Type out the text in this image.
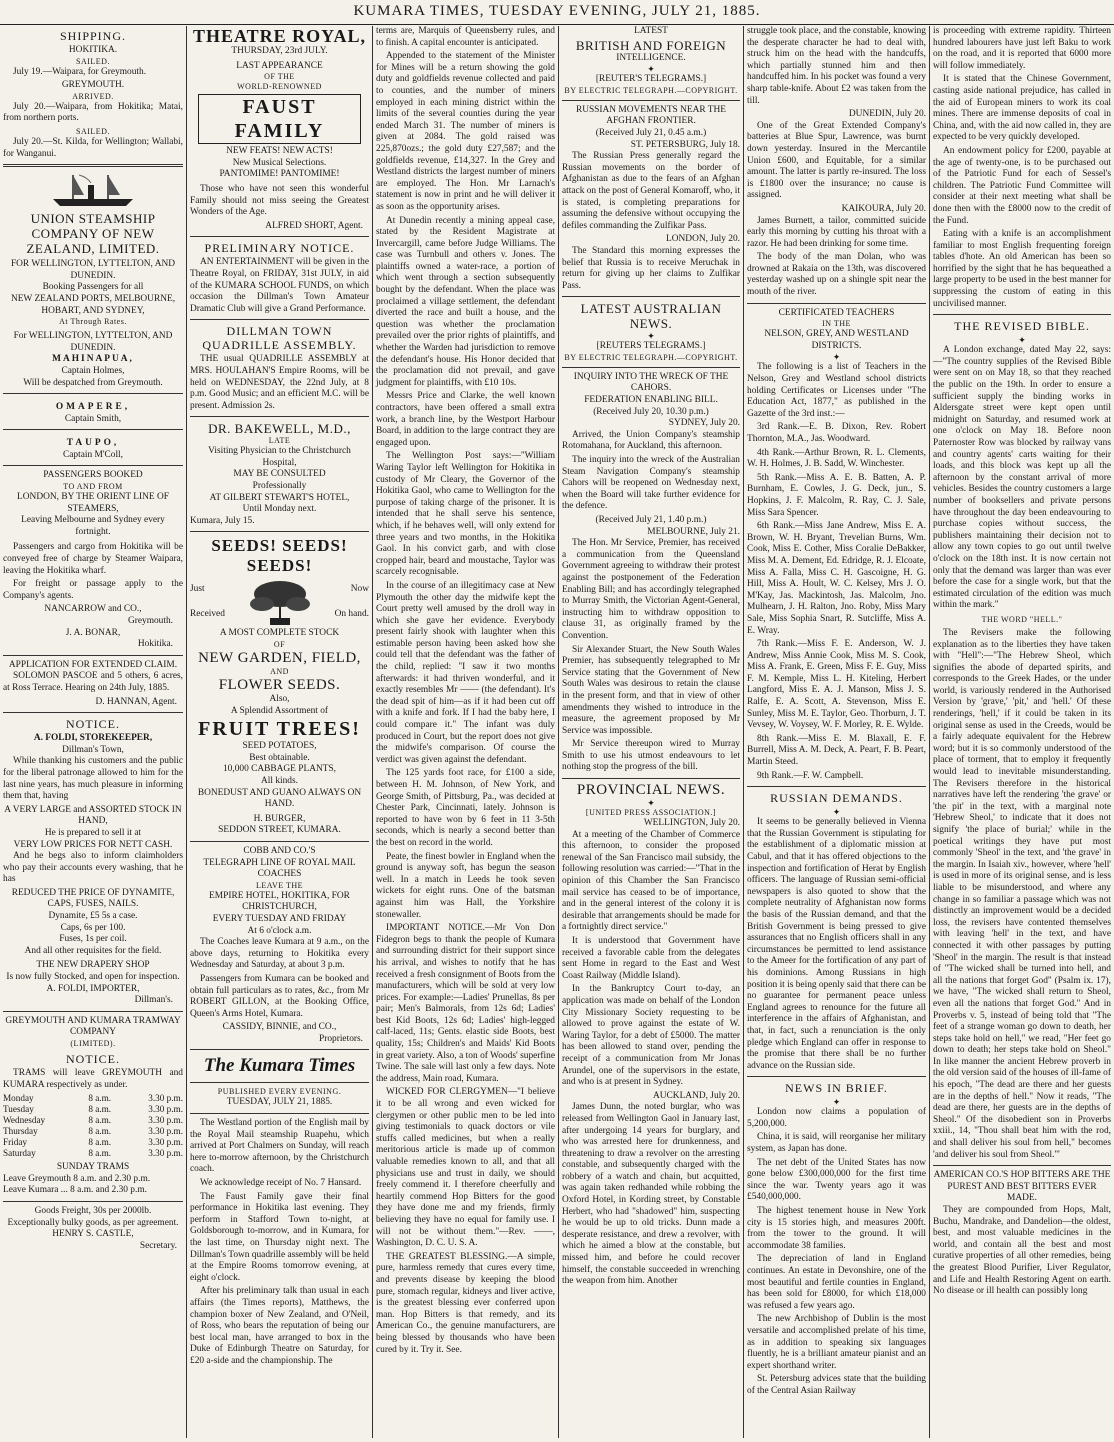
KUMARA TIMES, TUESDAY EVENING, JULY 21, 1885.
SHIPPING.
HOKITIKA.
SAILED.

July 19.—Waipara, for Greymouth.

GREYMOUTH.
ARRIVED.

July 20.—Waipara, from Hokitika; Matai, from northern ports.

SAILED.

July 20.—St. Kilda, for Wellington; Wallabi, for Wanganui.

UNION STEAMSHIP COMPANY OF NEW ZEALAND, LIMITED.
FOR WELLINGTON, LYTTELTON, AND DUNEDIN.
Booking Passengers for all
NEW ZEALAND PORTS, MELBOURNE, HOBART, AND SYDNEY,
At Through Rates.
For WELLINGTON, LYTTELTON, AND DUNEDIN.
MAHINAPUA,
Captain Holmes,
Will be despatched from Greymouth.
OMAPERE,
Captain Smith,
TAUPO,
Captain M'Coll,
PASSENGERS BOOKED
TO AND FROM
LONDON, BY THE ORIENT LINE OF STEAMERS,
Leaving Melbourne and Sydney every fortnight.

Passengers and cargo from Hokitika will be conveyed free of charge by Steamer Waipara, leaving the Hokitika wharf.

For freight or passage apply to the Company's agents.

NANCARROW and CO.,
Greymouth.
J. A. BONAR,
Hokitika.
APPLICATION FOR EXTENDED CLAIM.

SOLOMON PASCOE and 5 others, 6 acres, at Ross Terrace. Hearing on 24th July, 1885.

D. HANNAN, Agent.
NOTICE.
A. FOLDI, STOREKEEPER,
Dillman's Town,

While thanking his customers and the public for the liberal patronage allowed to him for the last nine years, has much pleasure in informing them that, having

A VERY LARGE and ASSORTED STOCK IN HAND,
He is prepared to sell it at
VERY LOW PRICES FOR NETT CASH.

And he begs also to inform claimholders who pay their accounts every washing, that he has

REDUCED THE PRICE OF DYNAMITE, CAPS, FUSES, NAILS.
Dynamite, £5 5s a case.
Caps, 6s per 100.
Fuses, 1s per coil.
And all other requisites for the field.
THE NEW DRAPERY SHOP
Is now fully Stocked, and open for inspection.
A. FOLDI, IMPORTER,
Dillman's.
GREYMOUTH AND KUMARA TRAMWAY COMPANY
(LIMITED).
NOTICE.

TRAMS will leave GREYMOUTH and KUMARA respectively as under.

Monday	8 a.m.	3.30 p.m.
Tuesday	8 a.m.	3.30 p.m.
Wednesday	8 a.m.	3.30 p.m.
Thursday	8 a.m.	3.30 p.m.
Friday	8 a.m.	3.30 p.m.
Saturday	8 a.m.	3.30 p.m.
SUNDAY TRAMS
Leave Greymouth 8 a.m. and 2.30 p.m.
Leave Kumara ... 8 a.m. and 2.30 p.m.
Goods Freight, 30s per 2000lb.
Exceptionally bulky goods, as per agreement.
HENRY S. CASTLE,
Secretary.
THEATRE ROYAL,
THURSDAY, 23rd JULY.
LAST APPEARANCE
OF THE
WORLD-RENOWNED
FAUST FAMILY
NEW FEATS! NEW ACTS!
New Musical Selections.
PANTOMIME! PANTOMIME!

Those who have not seen this wonderful Family should not miss seeing the Greatest Wonders of the Age.

ALFRED SHORT, Agent.
PRELIMINARY NOTICE.

AN ENTERTAINMENT will be given in the Theatre Royal, on FRIDAY, 31st JULY, in aid of the KUMARA SCHOOL FUNDS, on which occasion the Dillman's Town Amateur Dramatic Club will give a Grand Performance.

DILLMAN TOWN QUADRILLE ASSEMBLY.

THE usual QUADRILLE ASSEMBLY at MRS. HOULAHAN'S Empire Rooms, will be held on WEDNESDAY, the 22nd July, at 8 p.m. Good Music; and an efficient M.C. will be present. Admission 2s.

DR. BAKEWELL, M.D.,
LATE
Visiting Physician to the Christchurch Hospital,
MAY BE CONSULTED
Professionally
AT GILBERT STEWART'S HOTEL,
Until Monday next.
Kumara, July 15.
SEEDS! SEEDS! SEEDS!
Just
Received
Now
On hand.
A MOST COMPLETE STOCK
OF
NEW GARDEN, FIELD,
AND
FLOWER SEEDS.
Also,
A Splendid Assortment of
FRUIT TREES!
SEED POTATOES,
Best obtainable.
10,000 CABBAGE PLANTS,
All kinds.
BONEDUST AND GUANO ALWAYS ON HAND.
H. BURGER,
SEDDON STREET, KUMARA.
COBB AND CO.'S
TELEGRAPH LINE OF ROYAL MAIL COACHES
LEAVE THE
EMPIRE HOTEL, HOKITIKA, FOR CHRISTCHURCH,
EVERY TUESDAY AND FRIDAY
At 6 o'clock a.m.

The Coaches leave Kumara at 9 a.m., on the above days, returning to Hokitika every Wednesday and Saturday, at about 3 p.m.

Passengers from Kumara can be booked and obtain full particulars as to rates, &c., from Mr ROBERT GILLON, at the Booking Office, Queen's Arms Hotel, Kumara.

CASSIDY, BINNIE, and CO.,
Proprietors.
The Kumara Times
PUBLISHED EVERY EVENING.
TUESDAY, JULY 21, 1885.

The Westland portion of the English mail by the Royal Mail steamship Ruapehu, which arrived at Port Chalmers on Sunday, will reach here to-morrow afternoon, by the Christchurch coach.

We acknowledge receipt of No. 7 Hansard.

The Faust Family gave their final performance in Hokitika last evening. They perform in Stafford Town to-night, at Goldsborough to-morrow, and in Kumara, for the last time, on Thursday night next. The Dillman's Town quadrille assembly will be held at the Empire Rooms tomorrow evening, at eight o'clock.

After his preliminary talk than usual in each affairs (the Times reports), Matthews, the champion boxer of New Zealand, and O'Neil, of Ross, who bears the reputation of being our best local man, have arranged to box in the Duke of Edinburgh Theatre on Saturday, for £20 a-side and the championship. The

terms are, Marquis of Queensberry rules, and to finish. A capital encounter is anticipated.

Appended to the statement of the Minister for Mines will be a return showing the gold duty and goldfields revenue collected and paid to counties, and the number of miners employed in each mining district within the limits of the several counties during the year ended March 31. The number of miners is given at 2084. The gold raised was 225,870ozs.; the gold duty £27,587; and the goldfields revenue, £14,327. In the Grey and Westland districts the largest number of miners are employed. The Hon. Mr Larnach's statement is now in print and he will deliver it as soon as the opportunity arises.

At Dunedin recently a mining appeal case, stated by the Resident Magistrate at Invercargill, came before Judge Williams. The case was Turnbull and others v. Jones. The plaintiffs owned a water-race, a portion of which went through a section subsequently bought by the defendant. When the place was proclaimed a village settlement, the defendant diverted the race and built a house, and the question was whether the proclamation prevailed over the prior rights of plaintiffs, and whether the Warden had jurisdiction to remove the defendant's house. His Honor decided that the proclamation did not prevail, and gave judgment for plaintiffs, with £10 10s.

Messrs Price and Clarke, the well known contractors, have been offered a small extra work, a branch line, by the Westport Harbour Board, in addition to the large contract they are engaged upon.

The Wellington Post says:—"William Waring Taylor left Wellington for Hokitika in custody of Mr Cleary, the Governor of the Hokitika Gaol, who came to Wellington for the purpose of taking charge of the prisoner. It is intended that he shall serve his sentence, which, if he behaves well, will only extend for three years and two months, in the Hokitika Gaol. In his convict garb, and with close cropped hair, beard and moustache, Taylor was scarcely recognisable.

In the course of an illegitimacy case at New Plymouth the other day the midwife kept the Court pretty well amused by the droll way in which she gave her evidence. Everybody present fairly shook with laughter when this estimable person having been asked how she could tell that the defendant was the father of the child, replied: "I saw it two months afterwards: it had thriven wonderful, and it exactly resembles Mr —— (the defendant). It's the dead spit of him—as if it had been cut off with a knife and fork. If I had the baby here, I could compare it." The infant was duly produced in Court, but the report does not give the midwife's comparison. Of course the verdict was given against the defendant.

The 125 yards foot race, for £100 a side, between H. M. Johnson, of New York, and George Smith, of Pittsburg, Pa., was decided at Chester Park, Cincinnati, lately. Johnson is reported to have won by 6 feet in 11 3-5th seconds, which is nearly a second better than the best on record in the world.

Peate, the finest bowler in England when the ground is anyway soft, has begun the season well. In a match in Leeds he took seven wickets for eight runs. One of the batsman against him was Hall, the Yorkshire stonewaller.

IMPORTANT NOTICE.—Mr Von Don Fidegron begs to thank the people of Kumara and surrounding district for their support since his arrival, and wishes to notify that he has received a fresh consignment of Boots from the manufacturers, which will be sold at very low prices. For example:—Ladies' Prunellas, 8s per pair; Men's Balmorals, from 12s 6d; Ladies' best Kid Boots, 12s 6d; Ladies' high-legged calf-laced, 11s; Gents. elastic side Boots, best quality, 15s; Children's and Maids' Kid Boots in great variety. Also, a ton of Woods' superfine Twine. The sale will last only a few days. Note the address, Main road, Kumara.

WICKED FOR CLERGYMEN—"I believe it to be all wrong and even wicked for clergymen or other public men to be led into giving testimonials to quack doctors or vile stuffs called medicines, but when a really meritorious article is made up of common valuable remedies known to all, and that all physicians use and trust in daily, we should freely commend it. I therefore cheerfully and heartily commend Hop Bitters for the good they have done me and my friends, firmly believing they have no equal for family use. I will not be without them."—Rev. ——, Washington, D. C. U. S. A.

THE GREATEST BLESSING.—A simple, pure, harmless remedy that cures every time, and prevents disease by keeping the blood pure, stomach regular, kidneys and liver active, is the greatest blessing ever conferred upon man. Hop Bitters is that remedy, and its American Co., the genuine manufacturers, are being blessed by thousands who have been cured by it. Try it. See.

LATEST
BRITISH AND FOREIGN
INTELLIGENCE.
✦
[REUTER'S TELEGRAMS.]
BY ELECTRIC TELEGRAPH.—COPYRIGHT.
RUSSIAN MOVEMENTS NEAR THE AFGHAN FRONTIER.
(Received July 21, 0.45 a.m.)
ST. PETERSBURG, July 18.

The Russian Press generally regard the Russian movements on the border of Afghanistan as due to the fears of an Afghan attack on the post of General Komaroff, who, it is stated, is completing preparations for assuming the defensive without occupying the defiles commanding the Zulfikar Pass.

LONDON, July 20.

The Standard this morning expresses the belief that Russia is to receive Meruchak in return for giving up her claims to Zulfikar Pass.

LATEST AUSTRALIAN NEWS.
✦
[REUTERS TELEGRAMS.]
BY ELECTRIC TELEGRAPH.—COPYRIGHT.
INQUIRY INTO THE WRECK OF THE CAHORS.
FEDERATION ENABLING BILL.
(Received July 20, 10.30 p.m.)
SYDNEY, July 20.

Arrived, the Union Company's steamship Rotomahana, for Auckland, this afternoon.

The inquiry into the wreck of the Australian Steam Navigation Company's steamship Cahors will be reopened on Wednesday next, when the Board will take further evidence for the defence.

(Received July 21, 1.40 p.m.)
MELBOURNE, July 21.

The Hon. Mr Service, Premier, has received a communication from the Queensland Government agreeing to withdraw their protest against the postponement of the Federation Enabling Bill; and has accordingly telegraphed to Murray Smith, the Victorian Agent-General, instructing him to withdraw opposition to clause 31, as originally framed by the Convention.

Sir Alexander Stuart, the New South Wales Premier, has subsequently telegraphed to Mr Service stating that the Government of New South Wales was desirous to retain the clause in the present form, and that in view of other amendments they wished to introduce in the measure, the agreement proposed by Mr Service was impossible.

Mr Service thereupon wired to Murray Smith to use his utmost endeavours to let nothing stop the progress of the bill.

PROVINCIAL NEWS.
✦
[UNITED PRESS ASSOCIATION.]
WELLINGTON, July 20.

At a meeting of the Chamber of Commerce this afternoon, to consider the proposed renewal of the San Francisco mail subsidy, the following resolution was carried:—"That in the opinion of this Chamber the San Francisco mail service has ceased to be of importance, and in the general interest of the colony it is desirable that arrangements should be made for a fortnightly direct service."

It is understood that Government have received a favorable cable from the delegates sent Home in regard to the East and West Coast Railway (Middle Island).

In the Bankruptcy Court to-day, an application was made on behalf of the London City Missionary Society requesting to be allowed to prove against the estate of W. Waring Taylor, for a debt of £5000. The matter has been allowed to stand over, pending the receipt of a communication from Mr Jonas Arundel, one of the supervisors in the estate, and who is at present in Sydney.

AUCKLAND, July 20.

James Dunn, the noted burglar, who was released from Wellington Gaol in January last, after undergoing 14 years for burglary, and who was arrested here for drunkenness, and threatening to draw a revolver on the arresting constable, and subsequently charged with the robbery of a watch and chain, but acquitted, was again taken redhanded while robbing the Oxford Hotel, in Kording street, by Constable Herbert, who had "shadowed" him, suspecting he would be up to old tricks. Dunn made a desperate resistance, and drew a revolver, with which he aimed a blow at the constable, but missed him, and before he could recover himself, the constable succeeded in wrenching the weapon from him. Another

struggle took place, and the constable, knowing the desperate character he had to deal with, struck him on the head with the handcuffs, which partially stunned him and then handcuffed him. In his pocket was found a very sharp table-knife. About £2 was taken from the till.

DUNEDIN, July 20.

One of the Great Extended Company's batteries at Blue Spur, Lawrence, was burnt down yesterday. Insured in the Mercantile Union £600, and Equitable, for a similar amount. The latter is partly re-insured. The loss is £1800 over the insurance; no cause is assigned.

KAIKOURA, July 20.

James Burnett, a tailor, committed suicide early this morning by cutting his throat with a razor. He had been drinking for some time.

The body of the man Dolan, who was drowned at Rakaia on the 13th, was discovered yesterday washed up on a shingle spit near the mouth of the river.

CERTIFICATED TEACHERS
IN THE
NELSON, GREY, AND WESTLAND DISTRICTS.
✦

The following is a list of Teachers in the Nelson, Grey and Westland school districts holding Certificates or Licenses under "The Education Act, 1877," as published in the Gazette of the 3rd inst.:—

3rd Rank.—E. B. Dixon, Rev. Robert Thornton, M.A., Jas. Woodward.

4th Rank.—Arthur Brown, R. L. Clements, W. H. Holmes, J. B. Sadd, W. Winchester.

5th Rank.—Miss A. E. B. Batten, A. P. Burnham, E. Cowles, J. G. Deck, jun., S. Hopkins, J. F. Malcolm, R. Ray, C. J. Sale, Miss Sara Spencer.

6th Rank.—Miss Jane Andrew, Miss E. A. Brown, W. H. Bryant, Trevelian Burns, Wm. Cook, Miss E. Cother, Miss Coralie DeBakker, Miss M. A. Dement, Ed. Edridge, R. J. Elcoate, Miss A. Falla, Miss C. H. Gascoigne, H. G. Hill, Miss A. Hoult, W. C. Kelsey, Mrs J. O. M'Kay, Jas. Mackintosh, Jas. Malcolm, Jno. Mulhearn, J. H. Ralton, Jno. Roby, Miss Mary Sale, Miss Sophia Snart, R. Sutcliffe, Miss A. E. Wray.

7th Rank.—Miss F. E. Anderson, W. J. Andrew, Miss Annie Cook, Miss M. S. Cook, Miss A. Frank, E. Green, Miss F. E. Guy, Miss F. M. Kemple, Miss L. H. Kiteling, Herbert Langford, Miss E. A. J. Manson, Miss J. S. Ralfe, E. A. Scott, A. Stevenson, Miss E. Sunley, Miss M. E. Taylor, Geo. Thorburn, J. T. Vevsey, W. Voysey, W. F. Morley, R. E. Wylde.

8th Rank.—Miss E. M. Blaxall, E. F. Burrell, Miss A. M. Deck, A. Peart, F. B. Peart, Martin Steed.

9th Rank.—F. W. Campbell.

RUSSIAN DEMANDS.
✦

It seems to be generally believed in Vienna that the Russian Government is stipulating for the establishment of a diplomatic mission at Cabul, and that it has offered objections to the inspection and fortification of Herat by English officers. The language of Russian semi-official newspapers is also quoted to show that the complete neutrality of Afghanistan now forms the basis of the Russian demand, and that the British Government is being pressed to give assurances that no English officers shall in any circumstances be permitted to lend assistance to the Ameer for the fortification of any part of his dominions. Among Russians in high position it is being openly said that there can be no guarantee for permanent peace unless England agrees to renounce for the future all interference in the affairs of Afghanistan, and that, in fact, such a renunciation is the only pledge which England can offer in response to the promise that there shall be no further advance on the Russian side.

NEWS IN BRIEF.
✦

London now claims a population of 5,200,000.

China, it is said, will reorganise her military system, as Japan has done.

The net debt of the United States has now gone below £300,000,000 for the first time since the war. Twenty years ago it was £540,000,000.

The highest tenement house in New York city is 15 stories high, and measures 200ft. from the tower to the ground. It will accommodate 38 families.

The depreciation of land in England continues. An estate in Devonshire, one of the most beautiful and fertile counties in England, has been sold for £8000, for which £18,000 was refused a few years ago.

The new Archbishop of Dublin is the most versatile and accomplished prelate of his time, as in addition to speaking six languages fluently, he is a brilliant amateur pianist and an expert shorthand writer.

St. Petersburg advices state that the building of the Central Asian Railway

is proceeding with extreme rapidity. Thirteen hundred labourers have just left Baku to work on the road, and it is reported that 6000 more will follow immediately.

It is stated that the Chinese Government, casting aside national prejudice, has called in the aid of European miners to work its coal mines. There are immense deposits of coal in China, and, with the aid now called in, they are expected to be very quickly developed.

An endowment policy for £200, payable at the age of twenty-one, is to be purchased out of the Patriotic Fund for each of Sessel's children. The Patriotic Fund Committee will consider at their next meeting what shall be done then with the £8000 now to the credit of the Fund.

Eating with a knife is an accomplishment familiar to most English frequenting foreign tables d'hote. An old American has been so horrified by the sight that he has bequeathed a large property to be used in the best manner for suppressing the custom of eating in this uncivilised manner.

THE REVISED BIBLE.
✦

A London exchange, dated May 22, says:—"The country supplies of the Revised Bible were sent on on May 18, so that they reached the public on the 19th. In order to ensure a sufficient supply the binding works in Aldersgate street were kept open until midnight on Saturday, and resumed work at one o'clock on May 18. Before noon Paternoster Row was blocked by railway vans and country agents' carts waiting for their loads, and this block was kept up all the afternoon by the constant arrival of more vehicles. Besides the country customers a large number of booksellers and private persons have throughout the day been endeavouring to purchase copies without success, the publishers maintaining their decision not to allow any town copies to go out until twelve o'clock on the 18th inst. It is now certain not only that the demand was larger than was ever before the case for a single work, but that the estimated circulation of the edition was much within the mark."

THE WORD "HELL."

The Revisers make the following explanation as to the liberties they have taken with "Hell":—"The Hebrew Sheol, which signifies the abode of departed spirits, and corresponds to the Greek Hades, or the under world, is variously rendered in the Authorised Version by 'grave,' 'pit,' and 'hell.' Of these renderings, 'hell,' if it could be taken in its original sense as used in the Creeds, would be a fairly adequate equivalent for the Hebrew word; but it is so commonly understood of the place of torment, that to employ it frequently would lead to inevitable misunderstanding. The Revisers therefore in the historical narratives have left the rendering 'the grave' or 'the pit' in the text, with a marginal note 'Hebrew Sheol,' to indicate that it does not signify 'the place of burial;' while in the poetical writings they have put most commonly 'Sheol' in the text, and 'the grave' in the margin. In Isaiah xiv., however, where 'hell' is used in more of its original sense, and is less liable to be misunderstood, and where any change in so familiar a passage which was not distinctly an improvement would be a decided loss, the revisers have contented themselves with leaving 'hell' in the text, and have connected it with other passages by putting 'Sheol' in the margin. The result is that instead of "The wicked shall be turned into hell, and all the nations that forget God" (Psalm ix. 17), we have, "The wicked shall return to Sheol, even all the nations that forget God." And in Proverbs v. 5, instead of being told that "The feet of a strange woman go down to death, her steps take hold on hell," we read, "Her feet go down to death; her steps take hold on Sheol." In like manner the ancient Hebrew proverb in the old version said of the houses of ill-fame of his epoch, "The dead are there and her guests are in the depths of hell." Now it reads, "The dead are there, her guests are in the depths of Sheol." Of the disobedient son in Proverbs xxiii., 14, "Thou shall beat him with the rod, and shall deliver his soul from hell," becomes 'and deliver his soul from Sheol.'"

AMERICAN CO.'S HOP BITTERS ARE THE PUREST AND BEST BITTERS EVER MADE.

They are compounded from Hops, Malt, Buchu, Mandrake, and Dandelion—the oldest, best, and most valuable medicines in the world, and contain all the best and most curative properties of all other remedies, being the greatest Blood Purifier, Liver Regulator, and Life and Health Restoring Agent on earth. No disease or ill health can possibly long
